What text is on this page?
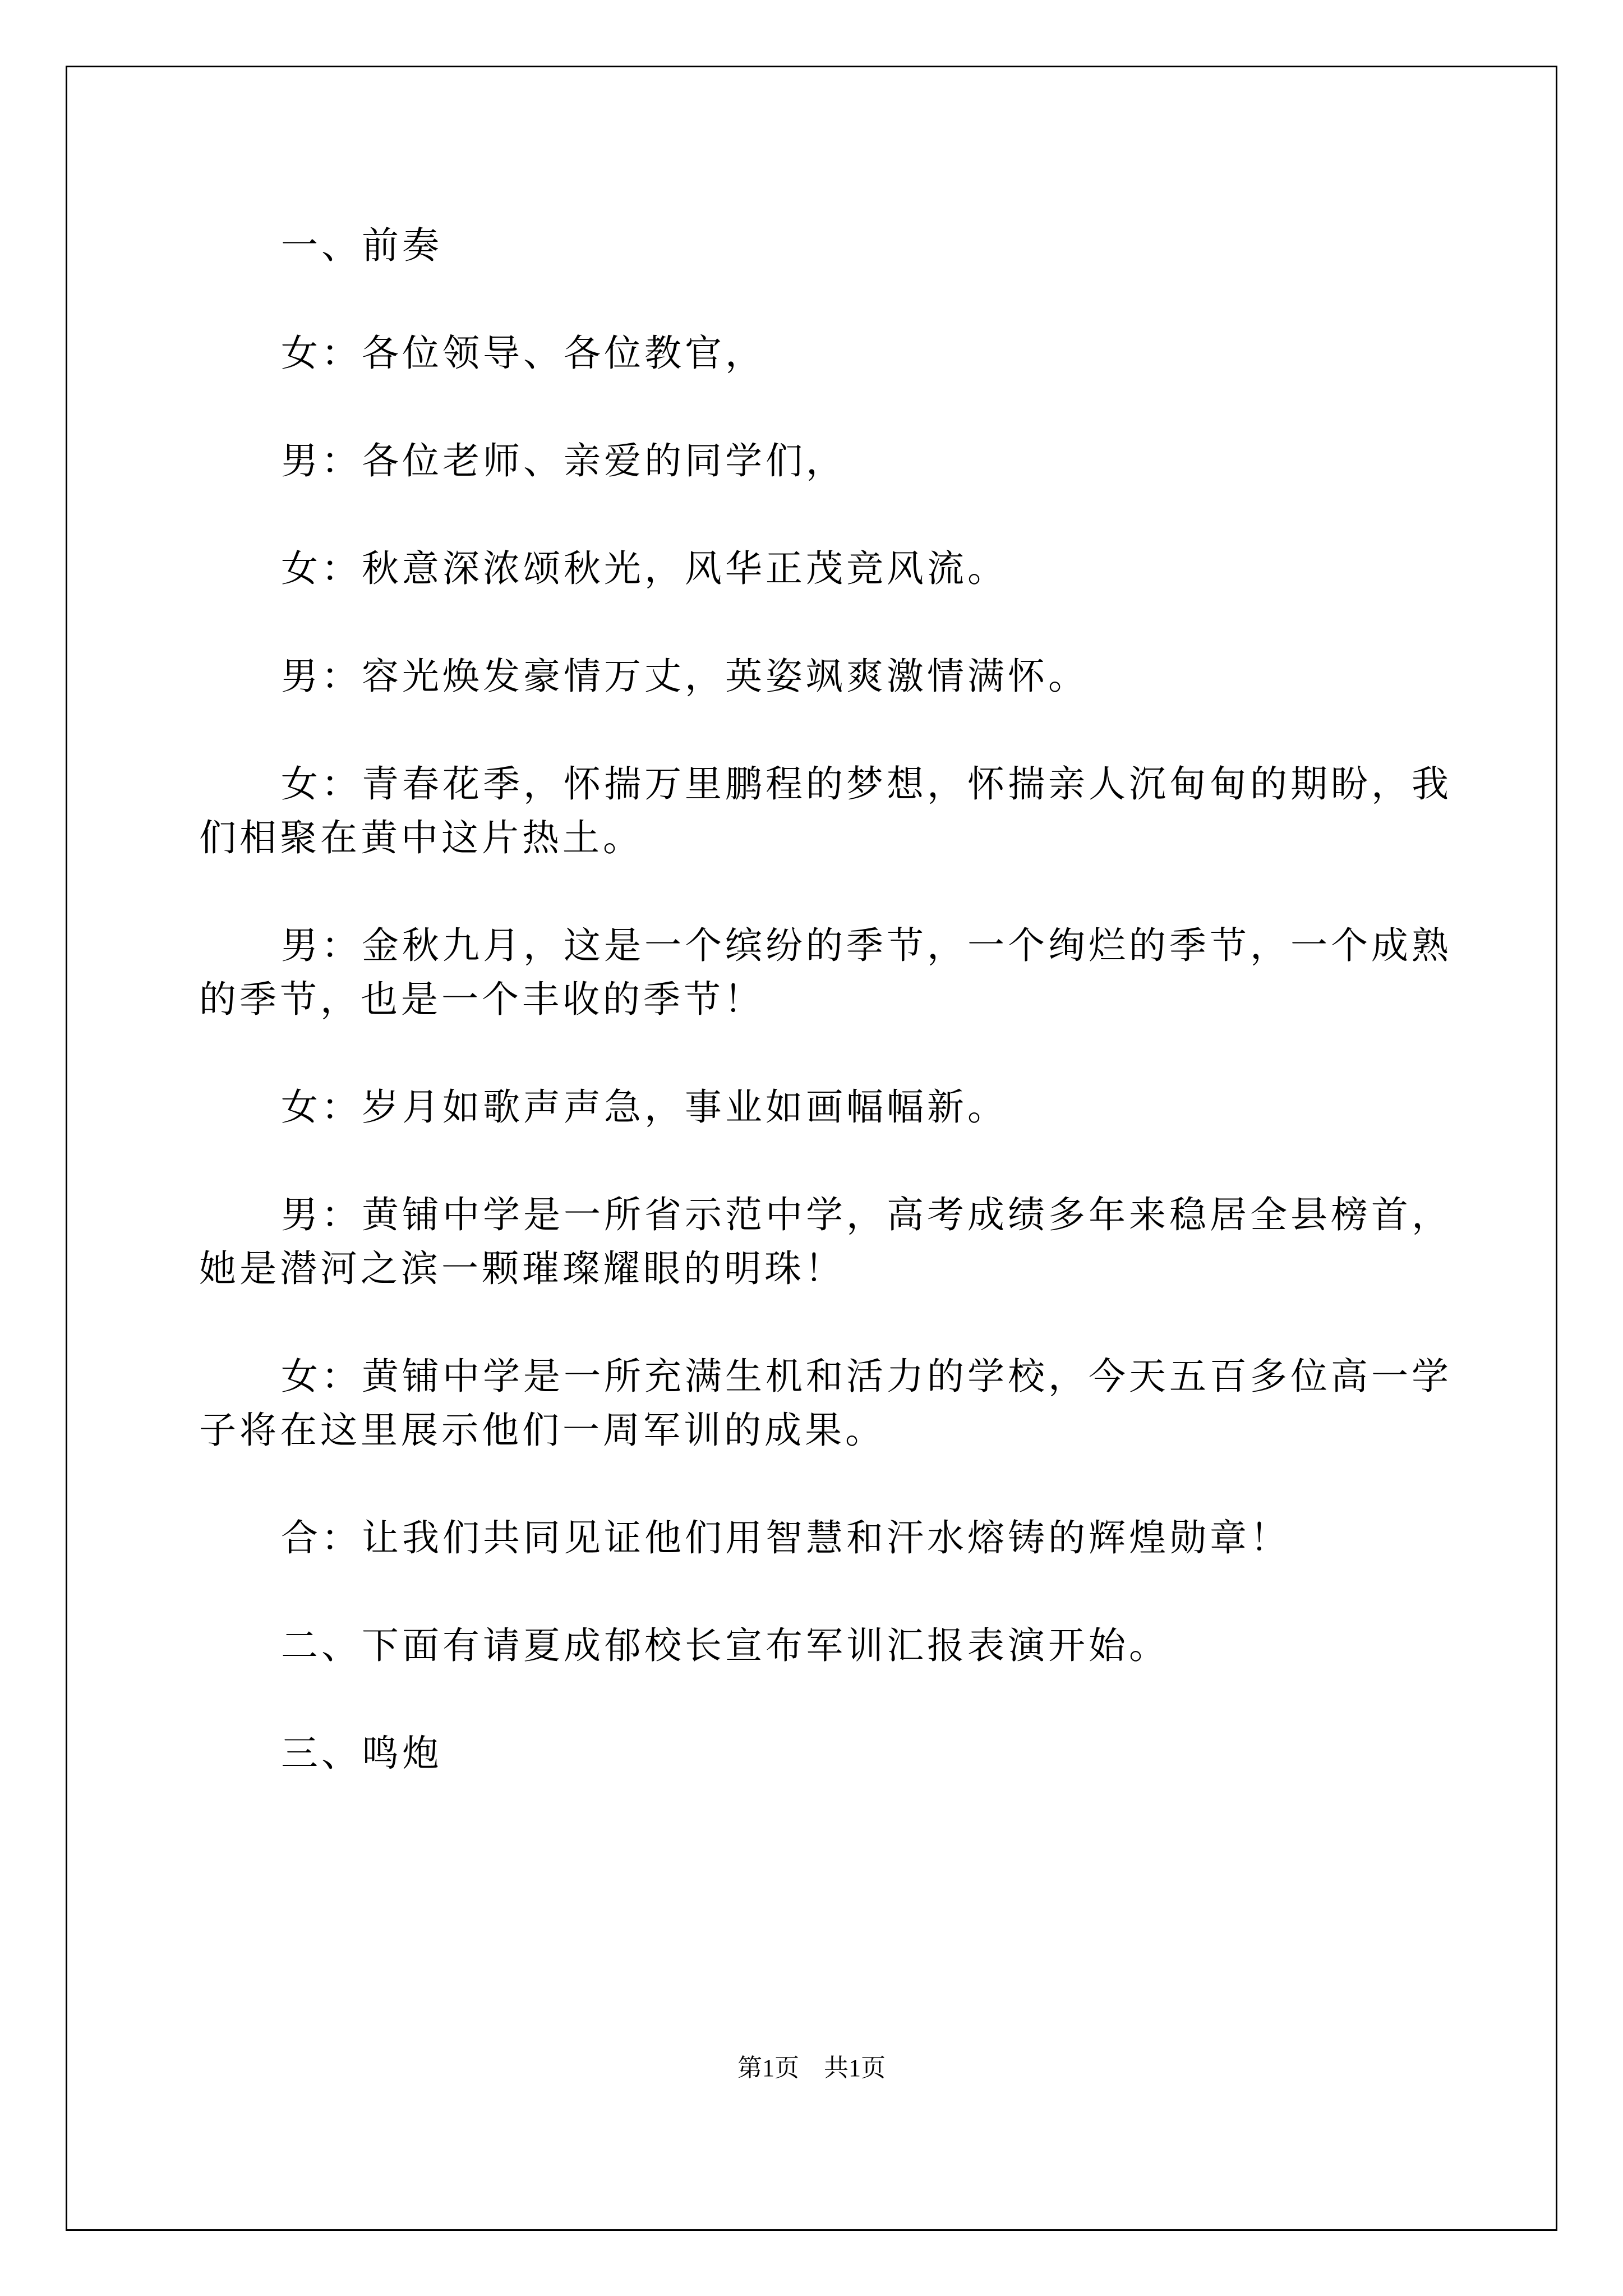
一、前奏

女：各位领导、各位教官，

男：各位老师、亲爱的同学们，

女：秋意深浓颂秋光，风华正茂竞风流。

男：容光焕发豪情万丈，英姿飒爽激情满怀。

女：青春花季，怀揣万里鹏程的梦想，怀揣亲人沉甸甸的期盼，我们相聚在黄中这片热土。

男：金秋九月，这是一个缤纷的季节，一个绚烂的季节，一个成熟的季节，也是一个丰收的季节！

女：岁月如歌声声急，事业如画幅幅新。

男：黄铺中学是一所省示范中学，高考成绩多年来稳居全县榜首，她是潜河之滨一颗璀璨耀眼的明珠！

女：黄铺中学是一所充满生机和活力的学校，今天五百多位高一学子将在这里展示他们一周军训的成果。

合：让我们共同见证他们用智慧和汗水熔铸的辉煌勋章！

二、下面有请夏成郁校长宣布军训汇报表演开始。

三、鸣炮

第1页　共1页
